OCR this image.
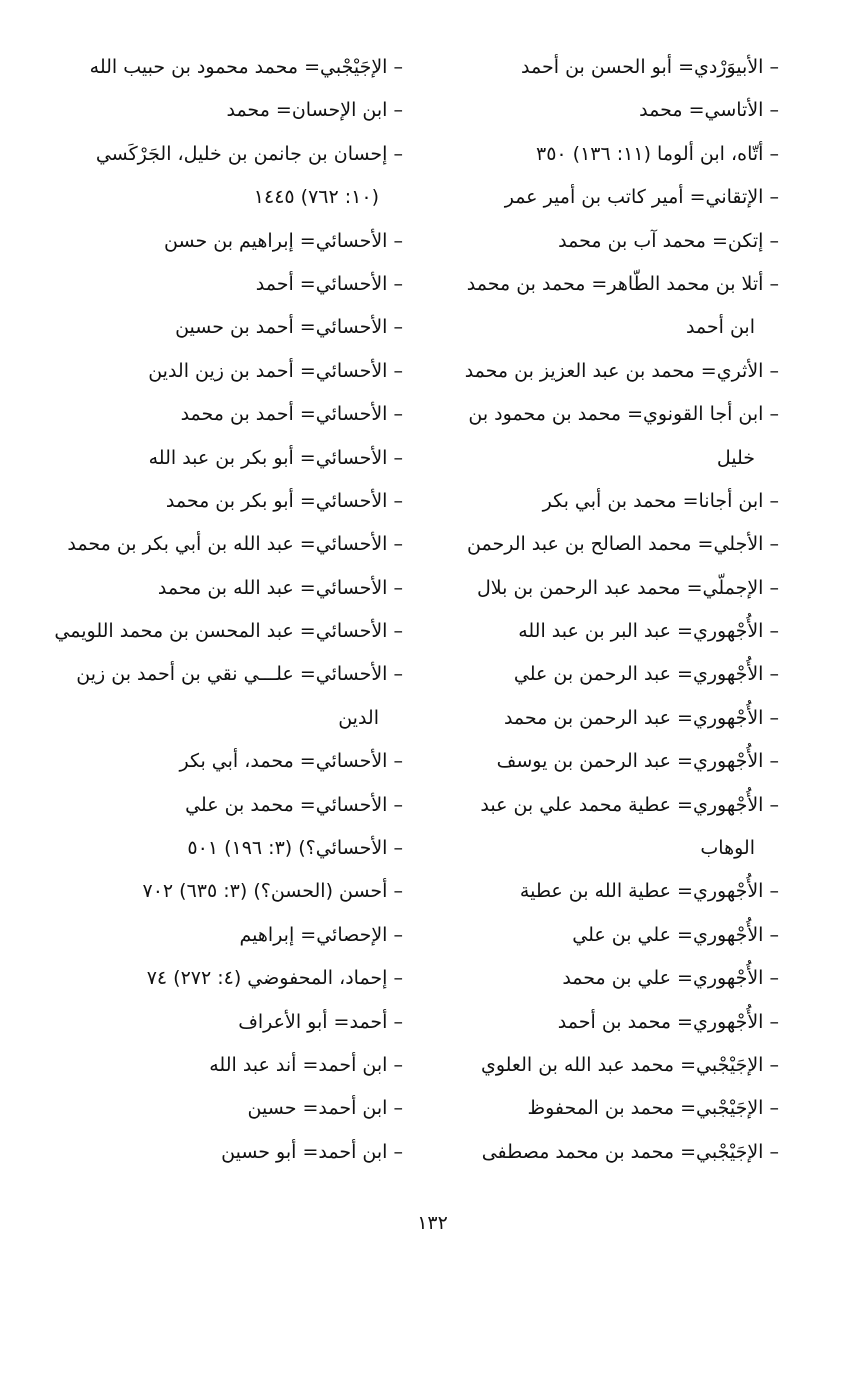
– الأبيوَرْدي= أبو الحسن بن أحمد
– الأتاسي= محمد
– أتّاه، ابن ألوما (١١: ١٣٦) ٣٥٠
– الإتقاني= أمير كاتب بن أمير عمر
– إتكن= محمد آب بن محمد
– أتلا بن محمد الطّاهر= محمد بن محمد
ابن أحمد
– الأثري= محمد بن عبد العزيز بن محمد
– ابن أجا القونوي= محمد بن محمود بن
خليل
– ابن أجانا= محمد بن أبي بكر
– الأجلي= محمد الصالح بن عبد الرحمن
– الإجملّي= محمد عبد الرحمن بن بلال
– الأُجْهوري= عبد البر بن عبد الله
– الأُجْهوري= عبد الرحمن بن علي
– الأُجْهوري= عبد الرحمن بن محمد
– الأُجْهوري= عبد الرحمن بن يوسف
– الأُجْهوري= عطية محمد علي بن عبد
الوهاب
– الأُجْهوري= عطية الله بن عطية
– الأُجْهوري= علي بن علي
– الأُجْهوري= علي بن محمد
– الأُجْهوري= محمد بن أحمد
– الإجَيْجْبي= محمد عبد الله بن العلوي
– الإجَيْجْبي= محمد بن المحفوظ
– الإجَيْجْبي= محمد بن محمد مصطفى
– الإجَيْجْبي= محمد محمود بن حبيب الله
– ابن الإحسان= محمد
– إحسان بن جانمن بن خليل، الجَرْكَسي
(١٠: ٧٦٢) ١٤٤٥
– الأحسائي= إبراهيم بن حسن
– الأحسائي= أحمد
– الأحسائي= أحمد بن حسين
– الأحسائي= أحمد بن زين الدين
– الأحسائي= أحمد بن محمد
– الأحسائي= أبو بكر بن عبد الله
– الأحسائي= أبو بكر بن محمد
– الأحسائي= عبد الله بن أبي بكر بن محمد
– الأحسائي= عبد الله بن محمد
– الأحسائي= عبد المحسن بن محمد اللويمي
– الأحسائي= علـــي نقي بن أحمد بن زين
الدين
– الأحسائي= محمد، أبي بكر
– الأحسائي= محمد بن علي
– الأحسائي؟) (٣: ١٩٦) ٥٠١
– أحسن (الحسن؟) (٣: ٦٣٥) ٧٠٢
– الإحصائي= إبراهيم
– إحماد، المحفوضي (٤: ٢٧٢) ٧٤
– أحمد= أبو الأعراف
– ابن أحمد= أند عبد الله
– ابن أحمد= حسين
– ابن أحمد= أبو حسين
١٣٢
